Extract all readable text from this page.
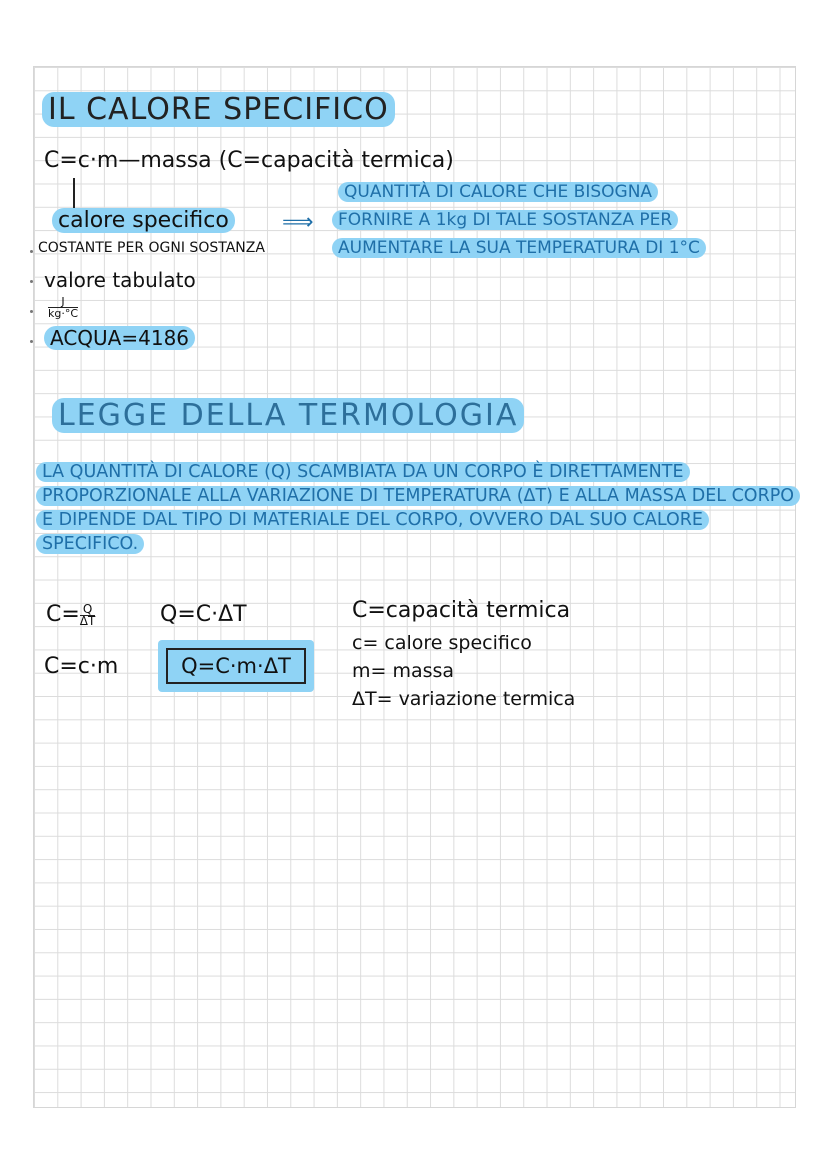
IL CALORE SPECIFICO
C=c·m—massa (C=capacità termica)
calore specifico ⟹
QUANTITÀ DI CALORE CHE BISOGNA
FORNIRE A 1kg DI TALE SOSTANZA PER
AUMENTARE LA SUA TEMPERATURA DI 1°C
COSTANTE PER OGNI SOSTANZA
valore tabulato
$\frac{J}{kg\cdot^\circ C}$
ACQUA=4186
LEGGE DELLA TERMOLOGIA
LA QUANTITÀ DI CALORE (Q) SCAMBIATA DA UN CORPO È DIRETTAMENTE PROPORZIONALE ALLA VARIAZIONE DI TEMPERATURA (ΔT) E ALLA MASSA DEL CORPO E DIPENDE DAL TIPO DI MATERIALE DEL CORPO, OVVERO DAL SUO CALORE SPECIFICO.
$C= \frac{Q}{\Delta T}$	Q=C·ΔT
C=c·m	Q=C·m·ΔT
C=capacità termica
c= calore specifico
m= massa
ΔT= variazione termica
